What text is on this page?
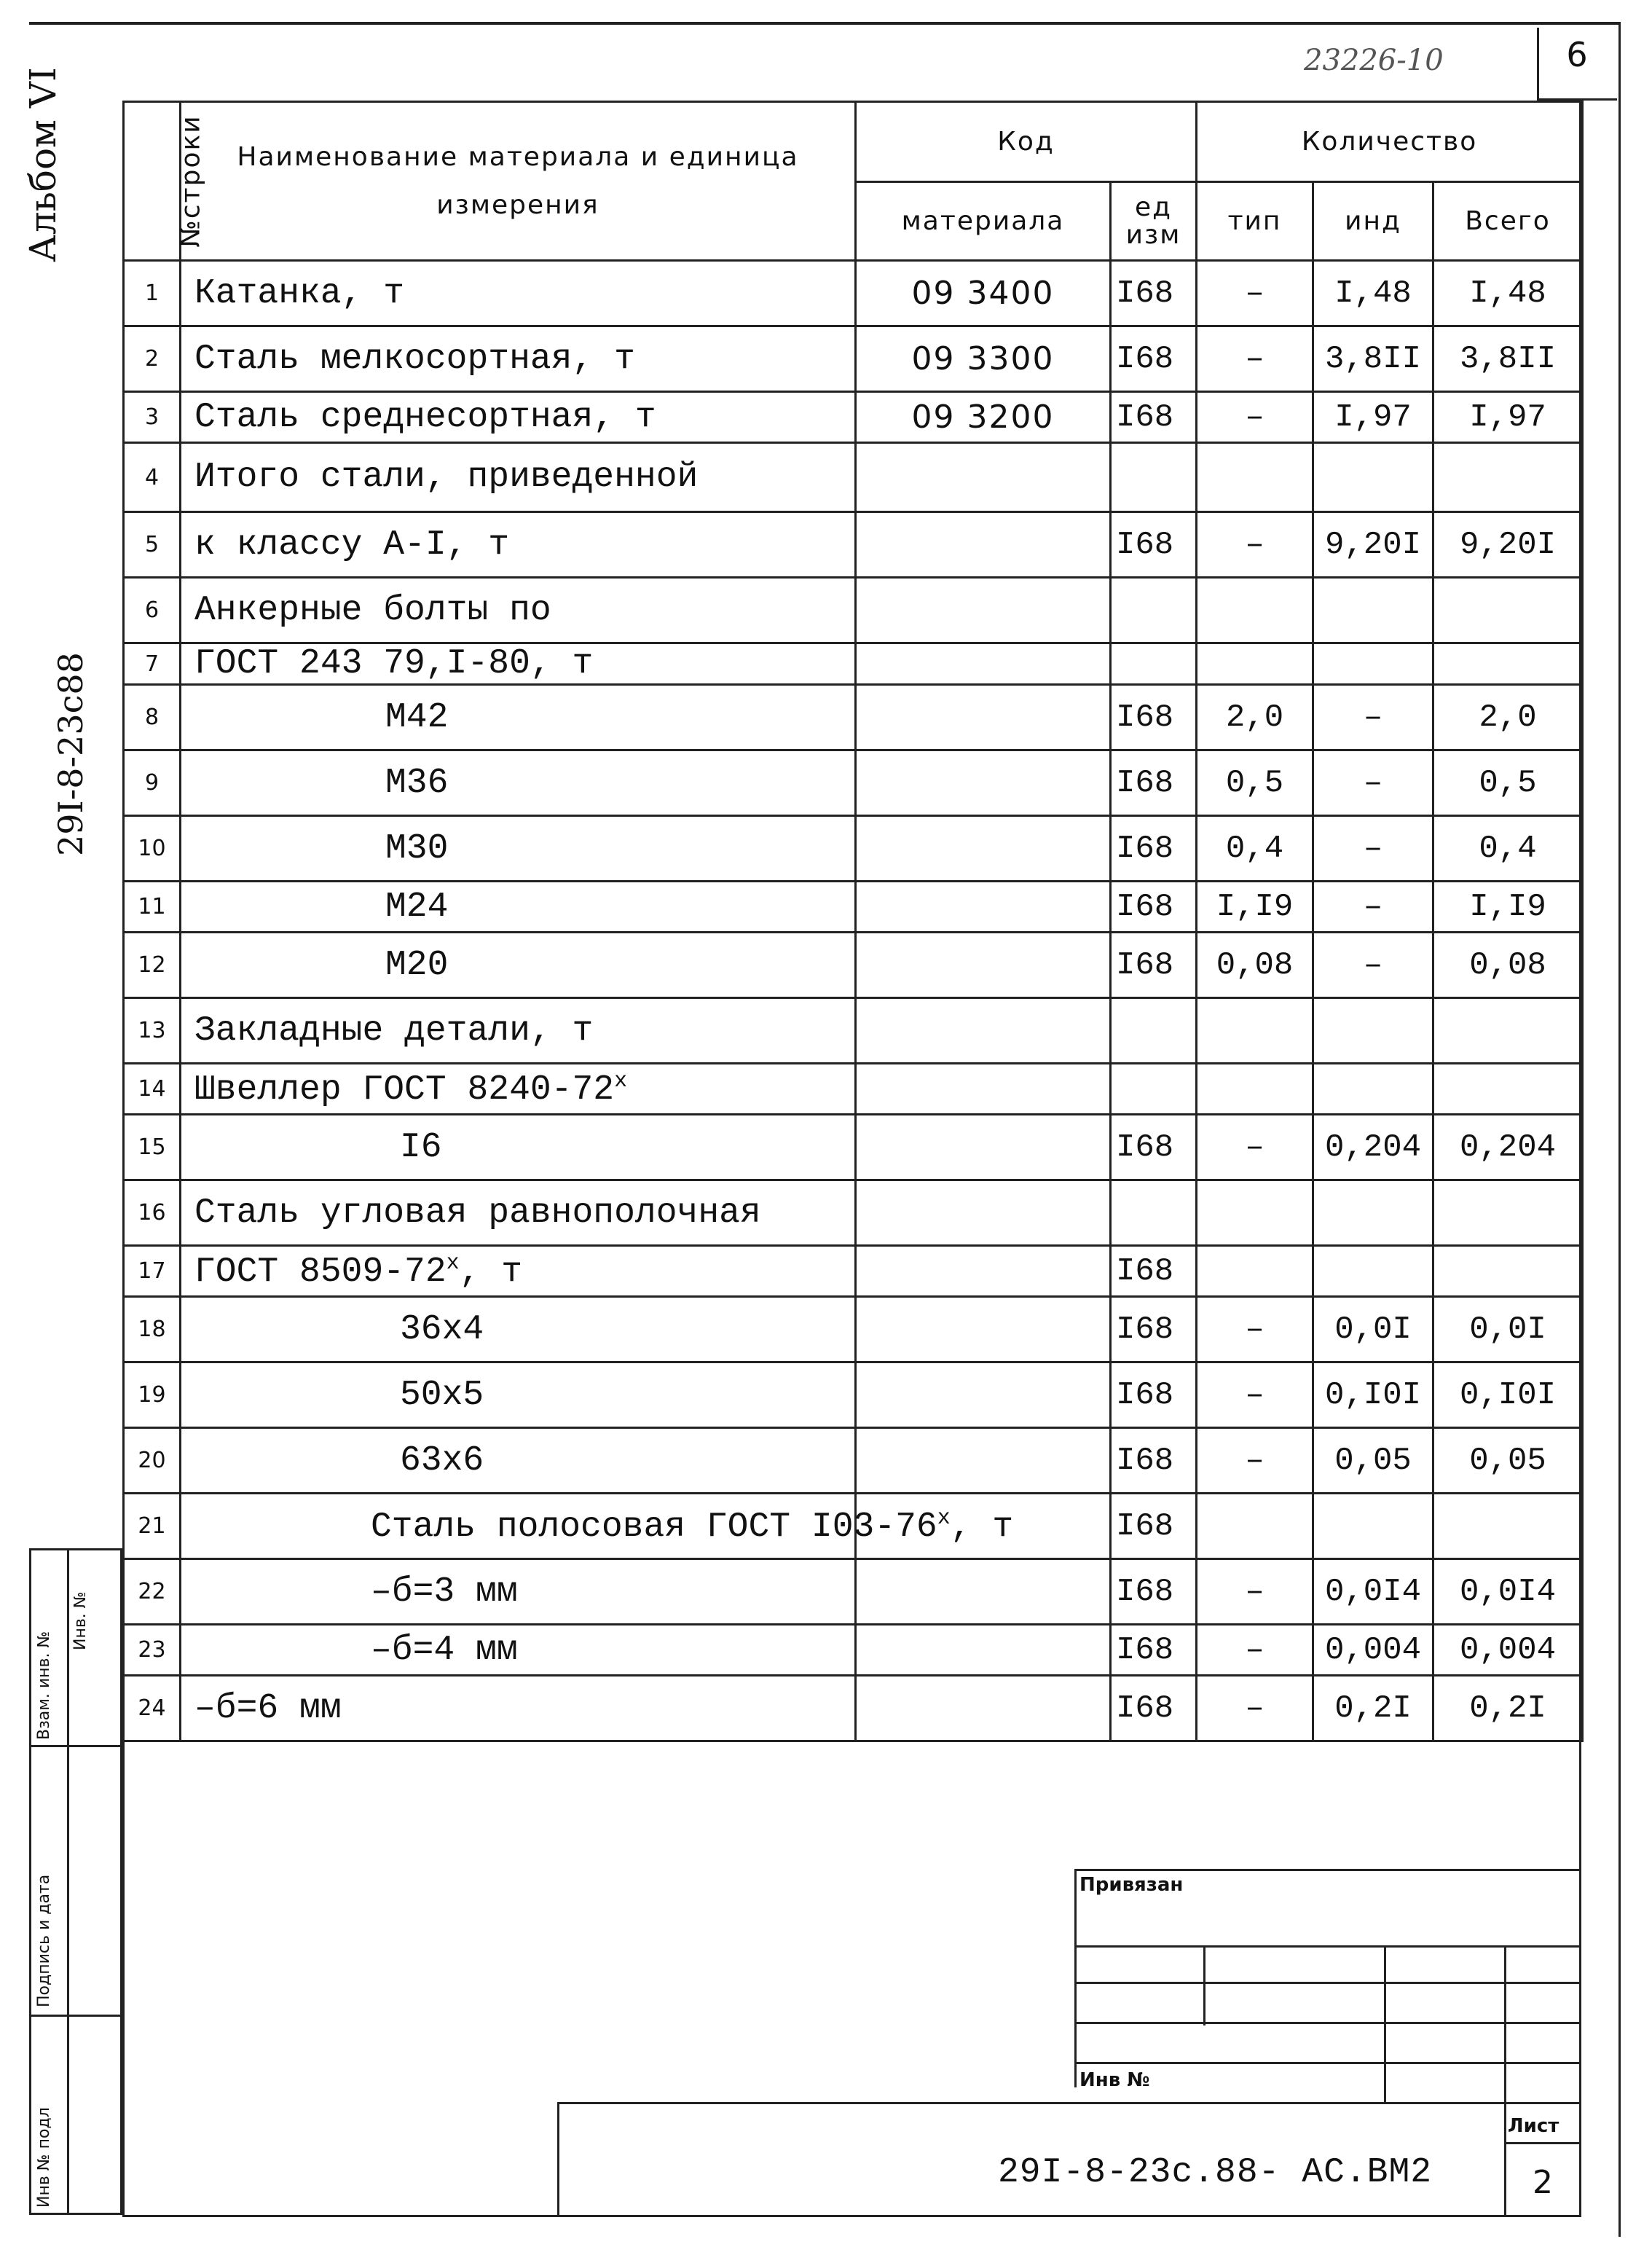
6
23226-10
Альбом VI
29I-8-23с88
№строки	Наименование материала и единица измерения	Код		Количество		
		материала	ед изм	тип	инд	Всего
1	Катанка, т	09 3400	I68	–	I,48	I,48
2	Сталь мелкосортная, т	09 3300	I68	–	3,8II	3,8II
3	Сталь среднесортная, т	09 3200	I68	–	I,97	I,97
4	Итого стали, приведенной					
5	к классу А-I, т		I68	–	9,20I	9,20I
6	Анкерные болты по					
7	ГОСТ 243 79,I-80, т					
8	М42		I68	2,0	–	2,0
9	М36		I68	0,5	–	0,5
10	М30		I68	0,4	–	0,4
11	М24		I68	I,I9	–	I,I9
12	М20		I68	0,08	–	0,08
13	Закладные детали, т					
14	Швеллер ГОСТ $8240-72^х$					
15	I6		I68	–	0,204	0,204
16	Сталь угловая равнополочная					
17	ГОСТ $8509-72^х$, т		I68			
18	36x4		I68	–	0,0I	0,0I
19	50x5		I68	–	0,I0I	0,I0I
20	63x6		I68	–	0,05	0,05
21	Сталь полосовая ГОСТ $I03-76^х$, т		I68			
22	–б=3 мм		I68	–	0,0I4	0,0I4
23	–б=4 мм		I68	–	0,004	0,004
24	–б=6 мм		I68	–	0,2I	0,2I
Взам. инв. №
Подпись и дата
Инв № подл
Инв. №
Привязан
Инв №
Лист
2
29I-8-23с.88- АС.ВМ2
